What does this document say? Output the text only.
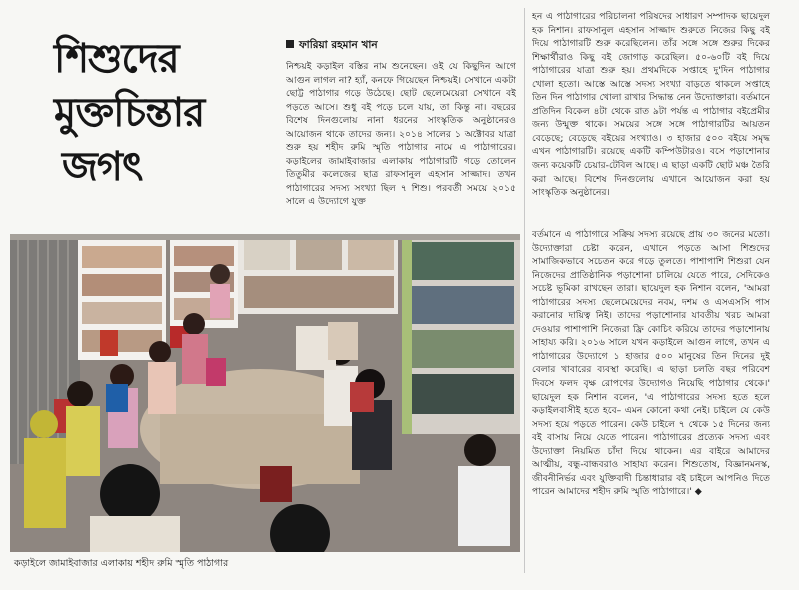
শিশুদের
মুক্তচিন্তার
জগৎ
ফারিয়া রহমান খান

নিশ্চয়ই কড়াইল বস্তির নাম শুনেছেন। ওই যে কিছুদিন আগে আগুন লাগল না? হ্যাঁ, কনফে গিয়েছেন নিশ্চয়ই। সেখানে একটা ছোট্ট পাঠাগার গড়ে উঠেছে। ছোট ছেলেমেয়েরা সেখানে বই পড়তে আসে। শুধু বই পড়ে চলে যায়, তা কিন্তু না। বছরের বিশেষ দিনগুলোয় নানা ধরনের সাংস্কৃতিক অনুষ্ঠানেরও আয়োজন থাকে তাদের জন্য। ২০১৪ সালের ১ অক্টোবর যাত্রা শুরু হয় শহীদ রুমি স্মৃতি পাঠাগার নামে এ পাঠাগারের। কড়াইলের জামাইবাজার এলাকায় পাঠাগারটি গড়ে তোলেন তিতুমীর কলেজের ছাত্র রাফসানুল এহসান সাজ্জাদ। তখন পাঠাগারের সদস্য সংখ্যা ছিল ৭ শিশু। পরবর্তী সময়ে ২০১৫ সালে এ উদ্যোগে যুক্ত

হন এ পাঠাগারের পরিচালনা পরিষদের সাধারণ সম্পাদক ছায়েদুল হক নিশান। রাফসানুল এহসান সাজ্জাদ শুরুতে নিজের কিছু বই দিয়ে পাঠাগারটি শুরু করেছিলেন। তাঁর সঙ্গে সঙ্গে শুরুর দিকের শিক্ষার্থীরাও কিছু বই জোগাড় করেছিল। ৫০-৬০টি বই দিয়ে পাঠাগারের যাত্রা শুরু হয়। প্রথমদিকে সপ্তাহে দু'দিন পাঠাগার খোলা হতো। আস্তে আস্তে সদস্য সংখ্যা বাড়তে থাকলে সপ্তাহে তিন দিন পাঠাগার খোলা রাখার সিদ্ধান্ত নেন উদ্যোক্তারা। বর্তমানে প্রতিদিন বিকেল ৪টা থেকে রাত ৯টা পর্যন্ত এ পাঠাগার বইপ্রেমীর জন্য উন্মুক্ত থাকে। সময়ের সঙ্গে সঙ্গে পাঠাগারটির আয়তন বেড়েছে; বেড়েছে বইয়ের সংখ্যাও। ৩ হাজার ৫০০ বইয়ে সমৃদ্ধ এখন পাঠাগারটি। রয়েছে একটি কম্পিউটারও। বসে পড়াশোনার জন্য কয়েকটি চেয়ার-টেবিল আছে। এ ছাড়া একটি ছোট মঞ্চ তৈরি করা আছে। বিশেষ দিনগুলোয় এখানে আয়োজন করা হয় সাংস্কৃতিক অনুষ্ঠানের।

বর্তমানে এ পাঠাগারে সক্রিয় সদস্য রয়েছে প্রায় ৩০ জনের মতো। উদ্যোক্তারা চেষ্টা করেন, এখানে পড়তে আসা শিশুদের সামাজিকভাবে সচেতন করে গড়ে তুলতে। পাশাপাশি শিশুরা যেন নিজেদের প্রাতিষ্ঠানিক পড়াশোনা চালিয়ে যেতে পারে, সেদিকেও সচেষ্ট ভূমিকা রাখছেন তারা। ছায়েদুল হক নিশান বলেন, 'আমরা পাঠাগারের সদস্য ছেলেমেয়েদের নবম, দশম ও এসএসসি পাস করানোর দায়িত্ব নিই। তাদের পড়াশোনার যাবতীয় খরচ আমরা দেওয়ার পাশাপাশি নিজেরা ফ্রি কোচিং করিয়ে তাদের পড়াশোনায় সাহায্য করি। ২০১৬ সালে যখন কড়াইলে আগুন লাগে, তখন এ পাঠাগারের উদ্যোগে ১ হাজার ৫০০ মানুষের তিন দিনের দুই বেলার খাবারের ব্যবস্থা করেছি। এ ছাড়া চলতি বছর পরিবেশ দিবসে ফলদ বৃক্ষ রোপণের উদ্যোগও নিয়েছি পাঠাগার থেকে।' ছায়েদুল হক নিশান বলেন, 'এ পাঠাগারের সদস্য হতে হলে কড়াইলবাসীই হতে হবে– এমন কোনো কথা নেই। চাইলে যে কেউ সদস্য হয়ে পড়তে পারেন। কেউ চাইলে ৭ থেকে ১৫ দিনের জন্য বই বাসায় নিয়ে যেতে পারেন। পাঠাগারের প্রত্যেক সদস্য এবং উদ্যোক্তা নিয়মিত চাঁদা দিয়ে থাকেন। এর বাইরে আমাদের আত্মীয়, বন্ধু-বান্ধবরাও সাহায্য করেন। শিশুতোষ, বিজ্ঞানমনস্ক, জীবনীনির্ভর এবং যুক্তিবাদী চিন্তাধারার বই চাইলে আপনিও দিতে পারেন আমাদের শহীদ রুমি স্মৃতি পাঠাগারে।' ◆

কড়াইলে জামাইবাজার এলাকায় শহীদ রুমি স্মৃতি পাঠাগার
